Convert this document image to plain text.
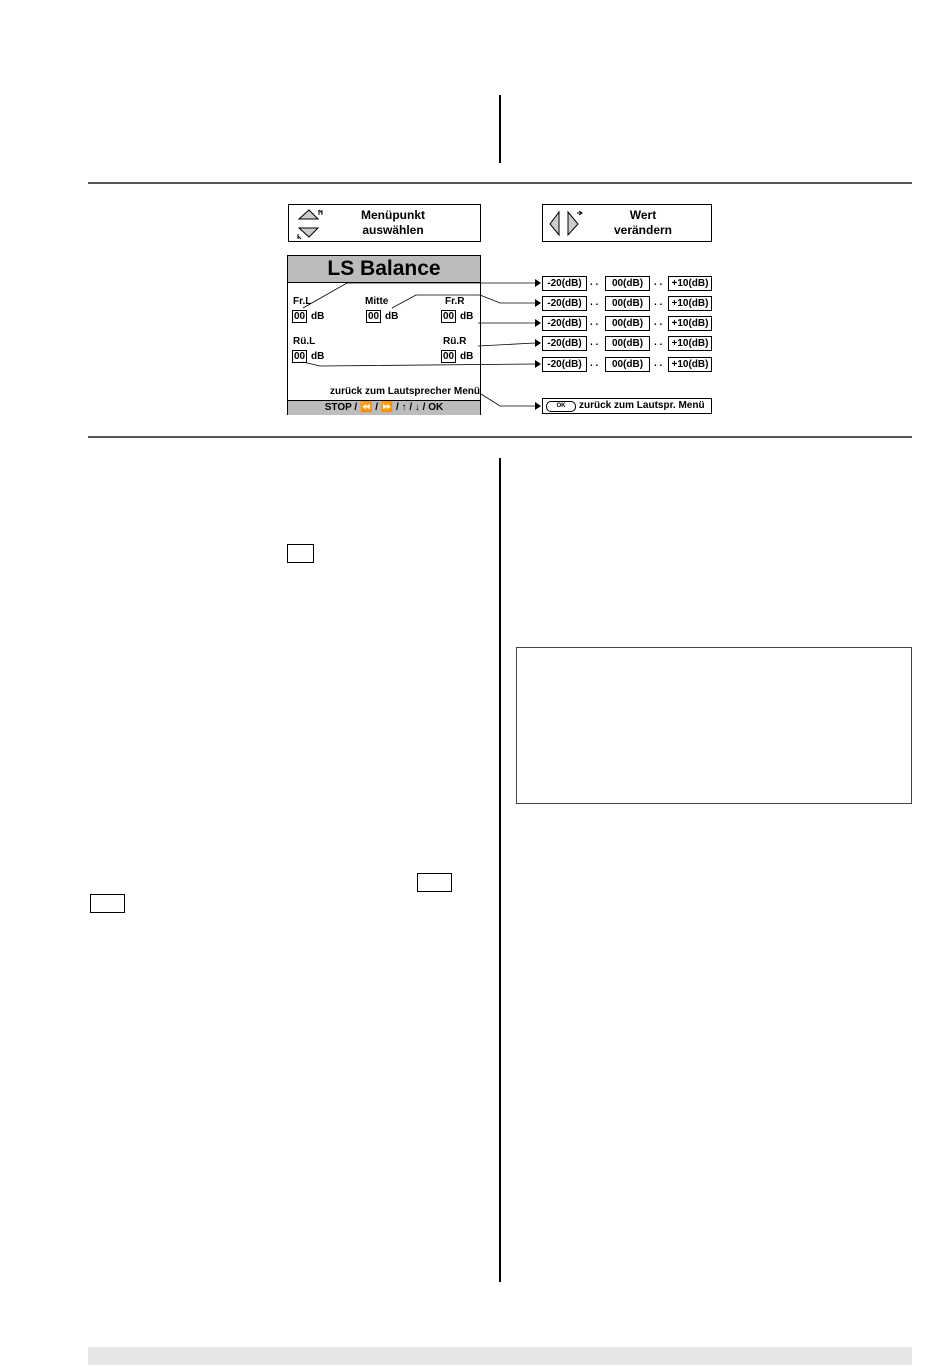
Menüpunkt
auswählen
Wert
verändern
LS Balance
Fr.L
00 dB
Mitte
00 dB
Fr.R
00 dB
Rü.L
00 dB
Rü.R
00 dB
zurück zum Lautsprecher Menü
STOP / ⏪ / ⏩ / ↑ / ↓ / OK
-20(dB) . .	00(dB)	. . +10(dB)
-20(dB) . .	00(dB)	. . +10(dB)
-20(dB) . .	00(dB)	. . +10(dB)
-20(dB) . .	00(dB)	. . +10(dB)
-20(dB) . .	00(dB)	. . +10(dB)
OK	zurück zum Lautspr. Menü
